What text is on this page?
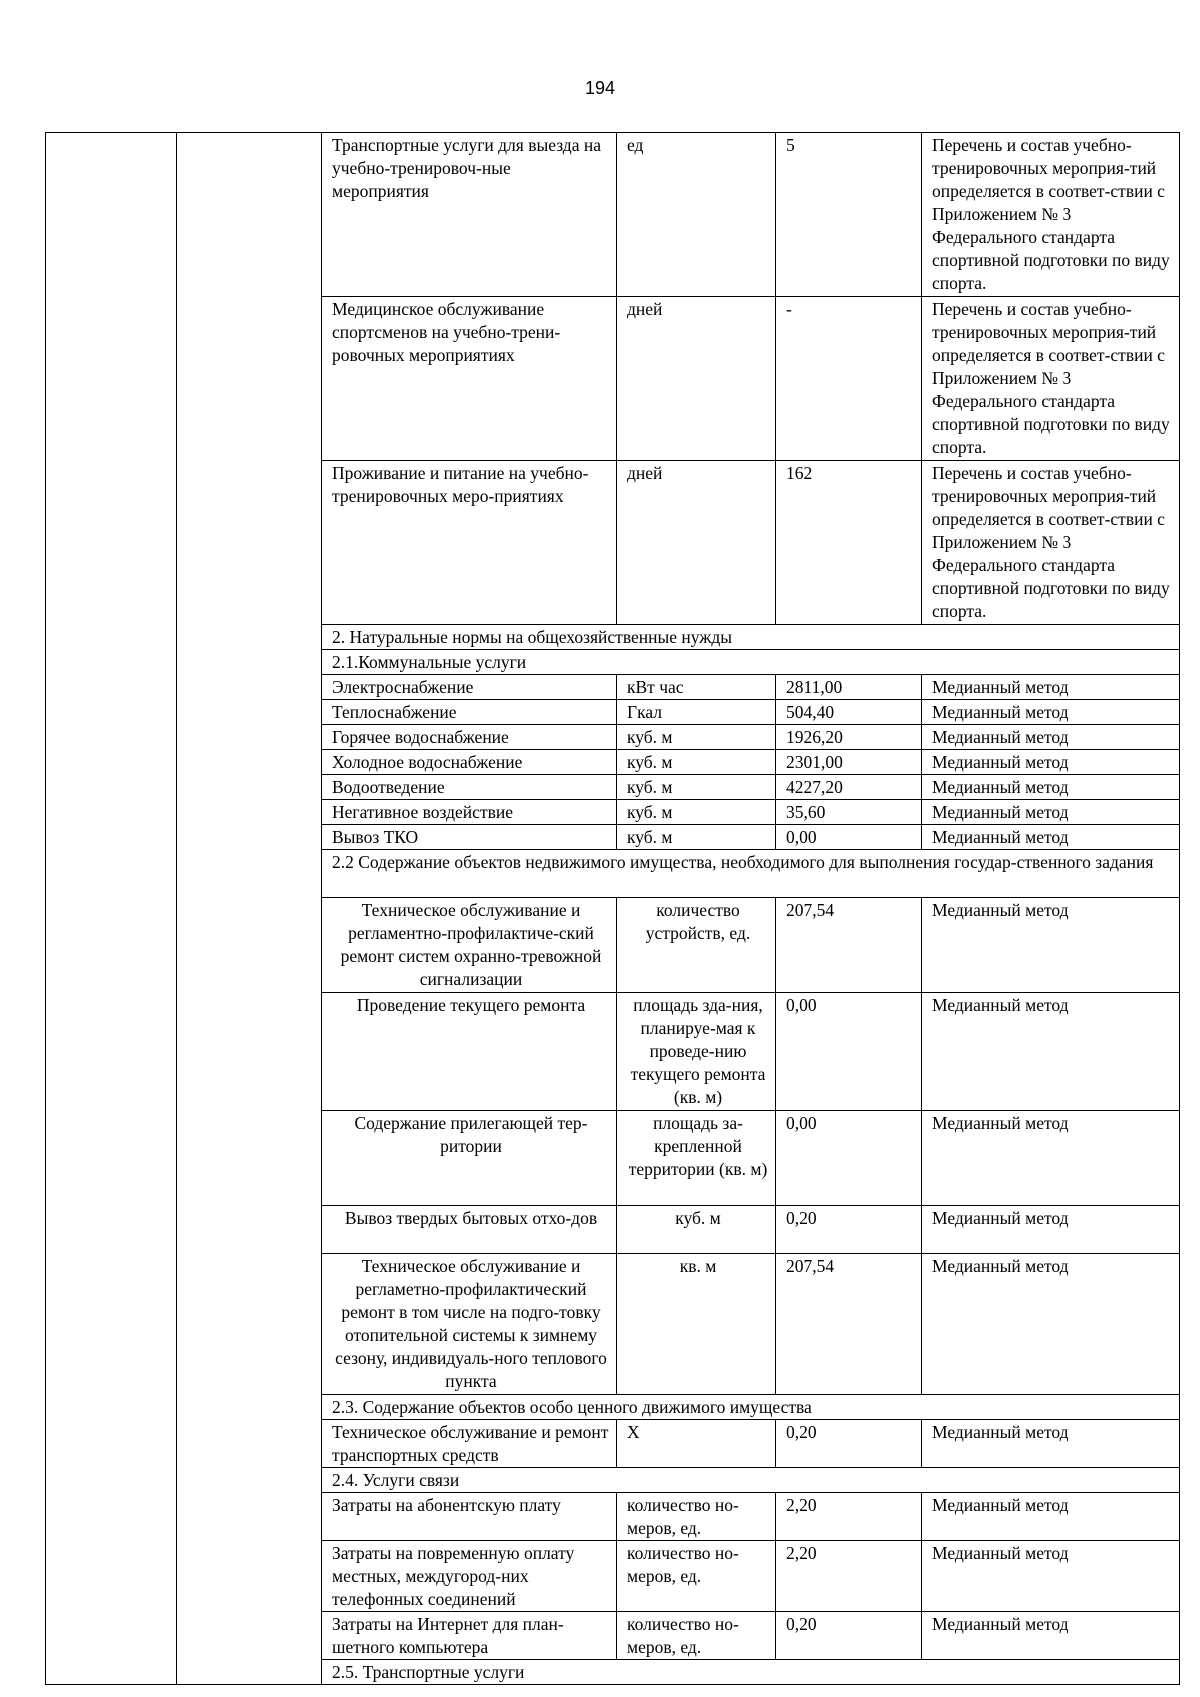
194
		Транспортные услуги для выезда на учебно-тренировоч-ные мероприятия	ед	5	Перечень и состав учебно-тренировочных мероприя-тий определяется в соответ-ствии с Приложением № 3 Федерального стандарта спортивной подготовки по виду спорта.
		Медицинское обслуживание спортсменов на учебно-трени-ровочных мероприятиях	дней	-	Перечень и состав учебно-тренировочных мероприя-тий определяется в соответ-ствии с Приложением № 3 Федерального стандарта спортивной подготовки по виду спорта.
		Проживание и питание на учебно-тренировочных меро-приятиях	дней	162	Перечень и состав учебно-тренировочных мероприя-тий определяется в соответ-ствии с Приложением № 3 Федерального стандарта спортивной подготовки по виду спорта.
		2. Натуральные нормы на общехозяйственные нужды			
		2.1.Коммунальные услуги			
		Электроснабжение	кВт час	2811,00	Медианный метод
		Теплоснабжение	Гкал	504,40	Медианный метод
		Горячее водоснабжение	куб. м	1926,20	Медианный метод
		Холодное водоснабжение	куб. м	2301,00	Медианный метод
		Водоотведение	куб. м	4227,20	Медианный метод
		Негативное воздействие	куб. м	35,60	Медианный метод
		Вывоз ТКО	куб. м	0,00	Медианный метод
		2.2 Содержание объектов недвижимого имущества, необходимого для выполнения государ-ственного задания			
		Техническое обслуживание и регламентно-профилактиче-ский ремонт систем охранно-тревожной сигнализации	количество устройств, ед.	207,54	Медианный метод
		Проведение текущего ремонта	площадь зда-ния, планируе-мая к проведе-нию текущего ремонта (кв. м)	0,00	Медианный метод
		Содержание прилегающей тер-ритории	площадь за-крепленной территории (кв. м)	0,00	Медианный метод
		Вывоз твердых бытовых отхо-дов	куб. м	0,20	Медианный метод
		Техническое обслуживание и регламетно-профилактический ремонт в том числе на подго-товку отопительной системы к зимнему сезону, индивидуаль-ного теплового пункта	кв. м	207,54	Медианный метод
		2.3. Содержание объектов особо ценного движимого имущества			
		Техническое обслуживание и ремонт транспортных средств	Х	0,20	Медианный метод
		2.4. Услуги связи			
		Затраты на абонентскую плату	количество но-меров, ед.	2,20	Медианный метод
		Затраты на повременную оплату местных, междугород-них телефонных соединений	количество но-меров, ед.	2,20	Медианный метод
		Затраты на Интернет для план-шетного компьютера	количество но-меров, ед.	0,20	Медианный метод
		2.5. Транспортные услуги			
